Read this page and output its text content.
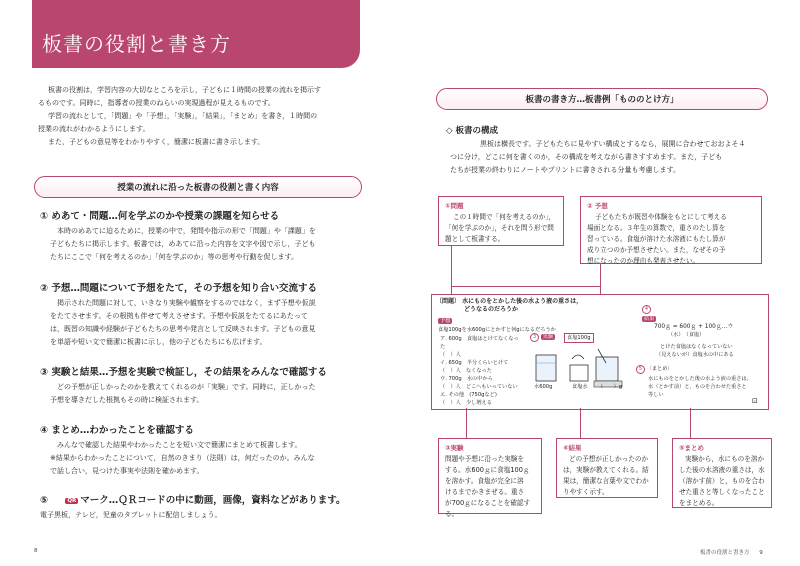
板書の役割と書き方
板書の役割は，学習内容の大切なところを示し，子どもに１時間の授業の流れを掲示す
るものです。同時に，指導者の授業のねらいの実現過程が見えるものです。
学習の流れとして，「問題」や「予想」，「実験」，「結果」，「まとめ」を書き，１時間の
授業の流れがわかるようにします。
また，子どもの意見等をわかりやすく，簡潔に板書に書き示します。
授業の流れに沿った板書の役割と書く内容
① めあて・問題…何を学ぶのかや授業の課題を知らせる
本時のめあてに迫るために，授業の中で，発問や指示の形で「問題」や「課題」を
子どもたちに掲示します。板書では，めあてに沿った内容を文字や図で示し，子ども
たちにここで「何を考えるのか」「何を学ぶのか」等の思考や行動を促します。
② 予想…問題について予想をたて，その予想を知り合い交流する
掲示された問題に対して，いきなり実験や観察をするのではなく，まず予想や仮説
をたてさせます。その根拠も伴せて考えさせます。予想や仮説をたてるにあたって
は，既習の知識や経験が子どもたちの思考や発言として反映されます。子どもの意見
を単語や短い文で簡潔に板書に示し，他の子どもたちにも広げます。
③ 実験と結果…予想を実験で検証し，その結果をみんなで確認する
どの予想が正しかったのかを教えてくれるのが「実験」です。同時に，正しかった
予想を導きだした根拠もその時に検証されます。
④ まとめ…わかったことを確認する
みんなで確認した結果やわかったことを短い文で簡潔にまとめて板書します。
※結果からわかったことについて，自然のきまり（法則）は，何だったのか。みんな
で話し合い，見つけた事実や法則を確かめます。
⑤	QR マーク…ＱＲコードの中に動画，画像，資料などがあります。
電子黒板，テレビ，児童のタブレットに配信しましょう。
8
板書の書き方…板書例「もののとけ方」
◇ 板書の構成
黒板は横長です。子どもたちに見やすい構成とするなら，展開に合わせておおよそ４
つに分け，どこに何を書くのか，その構成を考えながら書きすすめます。また，子ども
たちが授業の終わりにノートやプリントに書きされる分量も考慮します。
①問題
この１時間で「何を考えるのか」，
「何を学ぶのか」，それを問う形で問
題として板書する。
② 予想
子どもたちが既習や体験をもとにして考える
場面となる。３年生の算数で，重さのたし算を
習っている。食塩が溶けた水溶液にもたし算が
成り立つのか予想させたい。また，なぜその予
想になったのか理由も発表させたい。
〔問題〕 水にものをとかした後の水よう液の重さは，
どうなるのだろうか
予想
食塩100gを水600gにとかすと何gになるだろうか
ア. 600g　食塩はとけてなくなった
（　）人
イ. 650g　半分くらいとけて
（　）人　なくなった
ウ. 700g　水の中から
（　）人　どこへもいっていない
エ. その他　(750gなど)
（　）人　少し増える
3 実験	食塩100g
水600g	食塩水 （　　）g
4
結果
700ｇ = 600ｇ + 100ｇ…ウ
（水）　（食塩）
とけた食塩はなくなっていない
（見えないが）食塩水の中にある
5 〔まとめ〕
水にものをとかした後の水よう液の重さは，
水（とかす前）と，ものを合わせた重さと
等しい
⊡
③実験
問題や予想に沿った実験を
する。水600ｇに食塩100ｇ
を溶かす。食塩が完全に溶
けるまでかきまぜる。重さ
が700ｇになることを確認す
る。
④結果
どの予想が正しかったのか
は，実験が教えてくれる。結
果は，簡潔な言葉や文でわか
りやすく示す。
⑤まとめ
実験から，水にものを溶か
した後の水溶液の重さは，水
（溶かす前）と，ものを合わ
せた重さと等しくなったこと
をまとめる。
板書の役割と書き方 9
